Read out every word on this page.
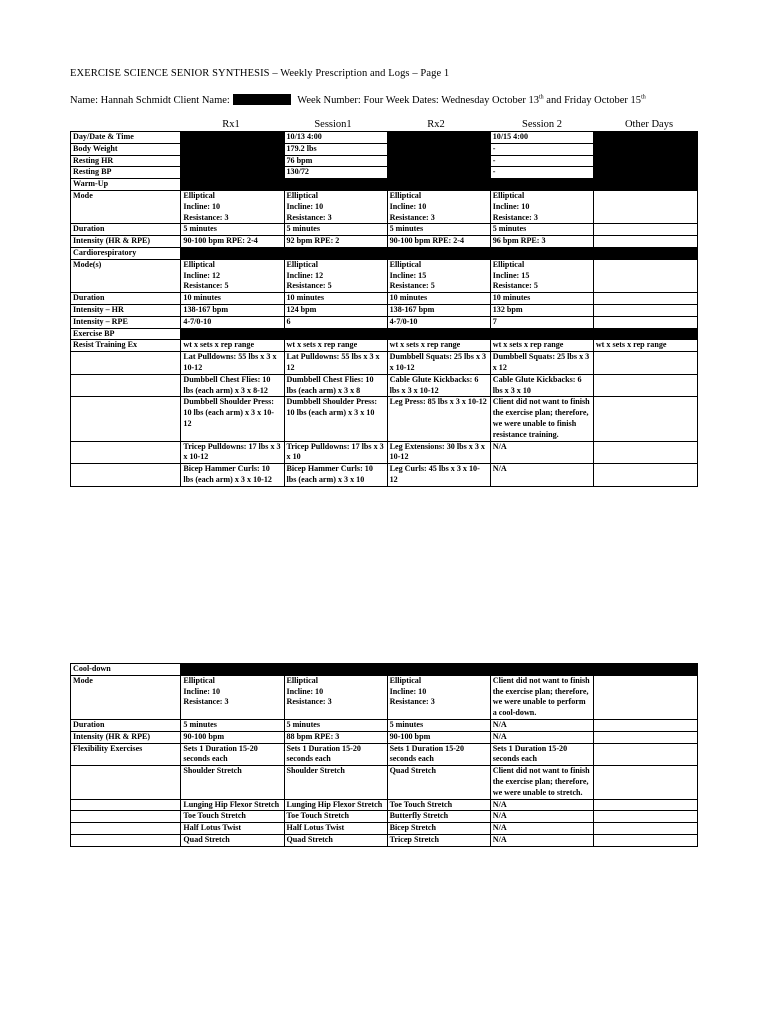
EXERCISE SCIENCE SENIOR SYNTHESIS – Weekly Prescription and Logs – Page 1
Name: Hannah Schmidt Client Name:	Week Number: Four Week Dates: Wednesday October 13th and Friday October 15th
Rx1	Session1	Rx2	Session 2	Other Days
Day/Date & Time		10/13 4:00		10/15 4:00	
Body Weight		179.2 lbs		-	
Resting HR		76 bpm		-	
Resting BP		130/72		-	
Warm-Up					
Mode	Elliptical
Incline: 10
Resistance: 3	Elliptical
Incline: 10
Resistance: 3	Elliptical
Incline: 10
Resistance: 3	Elliptical
Incline: 10
Resistance: 3	
Duration	5 minutes	5 minutes	5 minutes	5 minutes	
Intensity (HR & RPE)	90-100 bpm RPE: 2-4	92 bpm RPE: 2	90-100 bpm RPE: 2-4	96 bpm RPE: 3	
Cardiorespiratory					
Mode(s)	Elliptical
Incline: 12
Resistance: 5	Elliptical
Incline: 12
Resistance: 5	Elliptical
Incline: 15
Resistance: 5	Elliptical
Incline: 15
Resistance: 5	
Duration	10 minutes	10 minutes	10 minutes	10 minutes	
Intensity – HR	138-167 bpm	124 bpm	138-167 bpm	132 bpm	
Intensity – RPE	4-7/0-10	6	4-7/0-10	7	
Exercise BP					
Resist Training Ex	wt x sets x rep range	wt x sets x rep range	wt x sets x rep range	wt x sets x rep range	wt x sets x rep range
	Lat Pulldowns: 55 lbs x 3 x 10-12	Lat Pulldowns: 55 lbs x 3 x 12	Dumbbell Squats: 25 lbs x 3 x 10-12	Dumbbell Squats: 25 lbs x 3 x 12	
	Dumbbell Chest Flies: 10 lbs (each arm) x 3 x 8-12	Dumbbell Chest Flies: 10 lbs (each arm) x 3 x 8	Cable Glute Kickbacks: 6 lbs x 3 x 10-12	Cable Glute Kickbacks: 6 lbs x 3 x 10	
	Dumbbell Shoulder Press: 10 lbs (each arm) x 3 x 10-12	Dumbbell Shoulder Press: 10 lbs (each arm) x 3 x 10	Leg Press: 85 lbs x 3 x 10-12	Client did not want to finish the exercise plan; therefore, we were unable to finish resistance training.	
	Tricep Pulldowns: 17 lbs x 3 x 10-12	Tricep Pulldowns: 17 lbs x 3 x 10	Leg Extensions: 30 lbs x 3 x 10-12	N/A	
	Bicep Hammer Curls: 10 lbs (each arm) x 3 x 10-12	Bicep Hammer Curls: 10 lbs (each arm) x 3 x 10	Leg Curls: 45 lbs x 3 x 10-12	N/A	
Cool-down					
Mode	Elliptical
Incline: 10
Resistance: 3	Elliptical
Incline: 10
Resistance: 3	Elliptical
Incline: 10
Resistance: 3	Client did not want to finish the exercise plan; therefore, we were unable to perform a cool-down.	
Duration	5 minutes	5 minutes	5 minutes	N/A	
Intensity (HR & RPE)	90-100 bpm	88 bpm RPE: 3	90-100 bpm	N/A	
Flexibility Exercises	Sets 1 Duration 15-20 seconds each	Sets 1 Duration 15-20 seconds each	Sets 1 Duration 15-20 seconds each	Sets 1 Duration 15-20 seconds each	
	Shoulder Stretch	Shoulder Stretch	Quad Stretch	Client did not want to finish the exercise plan; therefore, we were unable to stretch.	
	Lunging Hip Flexor Stretch	Lunging Hip Flexor Stretch	Toe Touch Stretch	N/A	
	Toe Touch Stretch	Toe Touch Stretch	Butterfly Stretch	N/A	
	Half Lotus Twist	Half Lotus Twist	Bicep Stretch	N/A	
	Quad Stretch	Quad Stretch	Tricep Stretch	N/A	
